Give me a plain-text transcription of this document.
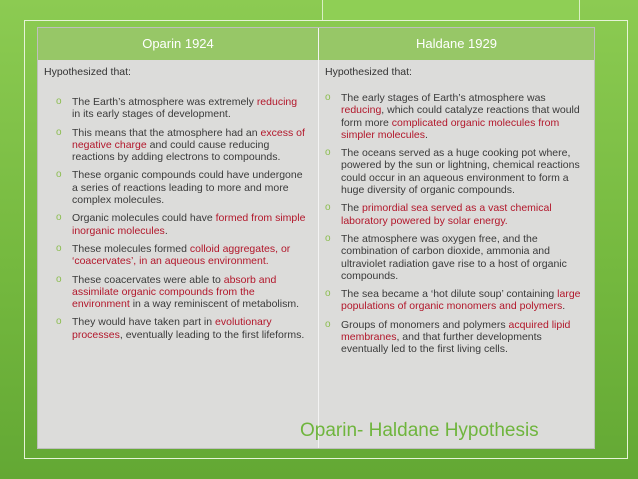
Oparin 1924	Haldane 1929
Hypothesized that:
o The Earth’s atmosphere was extremely reducing in its early stages of development.
o This means that the atmosphere had an excess of negative charge and could cause reducing reactions by adding electrons to compounds.
o These organic compounds could have undergone a series of reactions leading to more and more complex molecules.
o Organic molecules could have formed from simple inorganic molecules.
o These molecules formed colloid aggregates, or ‘coacervates’, in an aqueous environment.
o These coacervates were able to absorb and assimilate organic compounds from the environment in a way reminiscent of metabolism.
o They would have taken part in evolutionary processes, eventually leading to the first lifeforms.
Hypothesized that:
o The early stages of Earth’s atmosphere was reducing, which could catalyze reactions that would form more complicated organic molecules from simpler molecules.
o The oceans served as a huge cooking pot where, powered by the sun or lightning, chemical reactions could occur in an aqueous environment to form a huge diversity of organic compounds.
o The primordial sea served as a vast chemical laboratory powered by solar energy.
o The atmosphere was oxygen free, and the combination of carbon dioxide, ammonia and ultraviolet radiation gave rise to a host of organic compounds.
o The sea became a ‘hot dilute soup’ containing large populations of organic monomers and polymers.
o Groups of monomers and polymers acquired lipid membranes, and that further developments eventually led to the first living cells.
Oparin- Haldane Hypothesis
